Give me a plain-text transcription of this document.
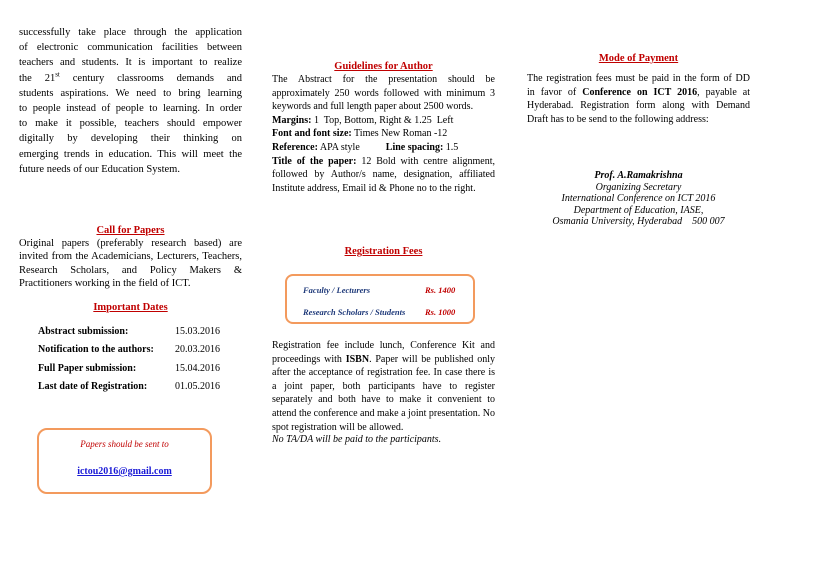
successfully take place through the application
of electronic communication facilities between
teachers and students. It is important to realize
the 21st century classrooms demands and
students aspirations. We need to bring learning
to people instead of people to learning. In order
to make it possible, teachers should empower
digitally by developing their thinking on
emerging trends in education. This will meet the
future needs of our Education System.
Call for Papers
Original papers (preferably research based) are invited from the Academicians, Lecturers, Teachers, Research Scholars, and Policy Makers & Practitioners working in the field of ICT.
Important Dates
Abstract submission:	15.03.2016
Notification to the authors:	20.03.2016
Full Paper submission:	15.04.2016
Last date of Registration:	01.05.2016
Papers should be sent to
ictou2016@gmail.com
Guidelines for Author
The Abstract for the presentation should be
approximately 250 words followed with minimum 3
keywords and full length paper about 2500 words.
Margins: 1  Top, Bottom, Right & 1.25  Left
Font and font size: Times New Roman -12
Reference: APA style	Line spacing: 1.5
Title of the paper: 12 Bold with centre alignment,
followed by Author/s name, designation, affiliated
Institute address, Email id & Phone no to the right.
Registration Fees
Faculty / Lecturers	Rs. 1400
Research Scholars / Students Rs. 1000
Registration fee include lunch, Conference Kit and proceedings with ISBN. Paper will be published only after the acceptance of registration fee. In case there is a joint paper, both participants have to register separately and both have to make it convenient to attend the conference and make a joint presentation. No spot registration will be allowed.
No TA/DA will be paid to the participants.
Mode of Payment
The registration fees must be paid in the form of DD
in favor of Conference on ICT 2016, payable at
Hyderabad. Registration form along with Demand
Draft has to be send to the following address:
Prof. A.Ramakrishna
Organizing Secretary
International Conference on ICT 2016
Department of Education, IASE,
Osmania University, Hyderabad    500 007
